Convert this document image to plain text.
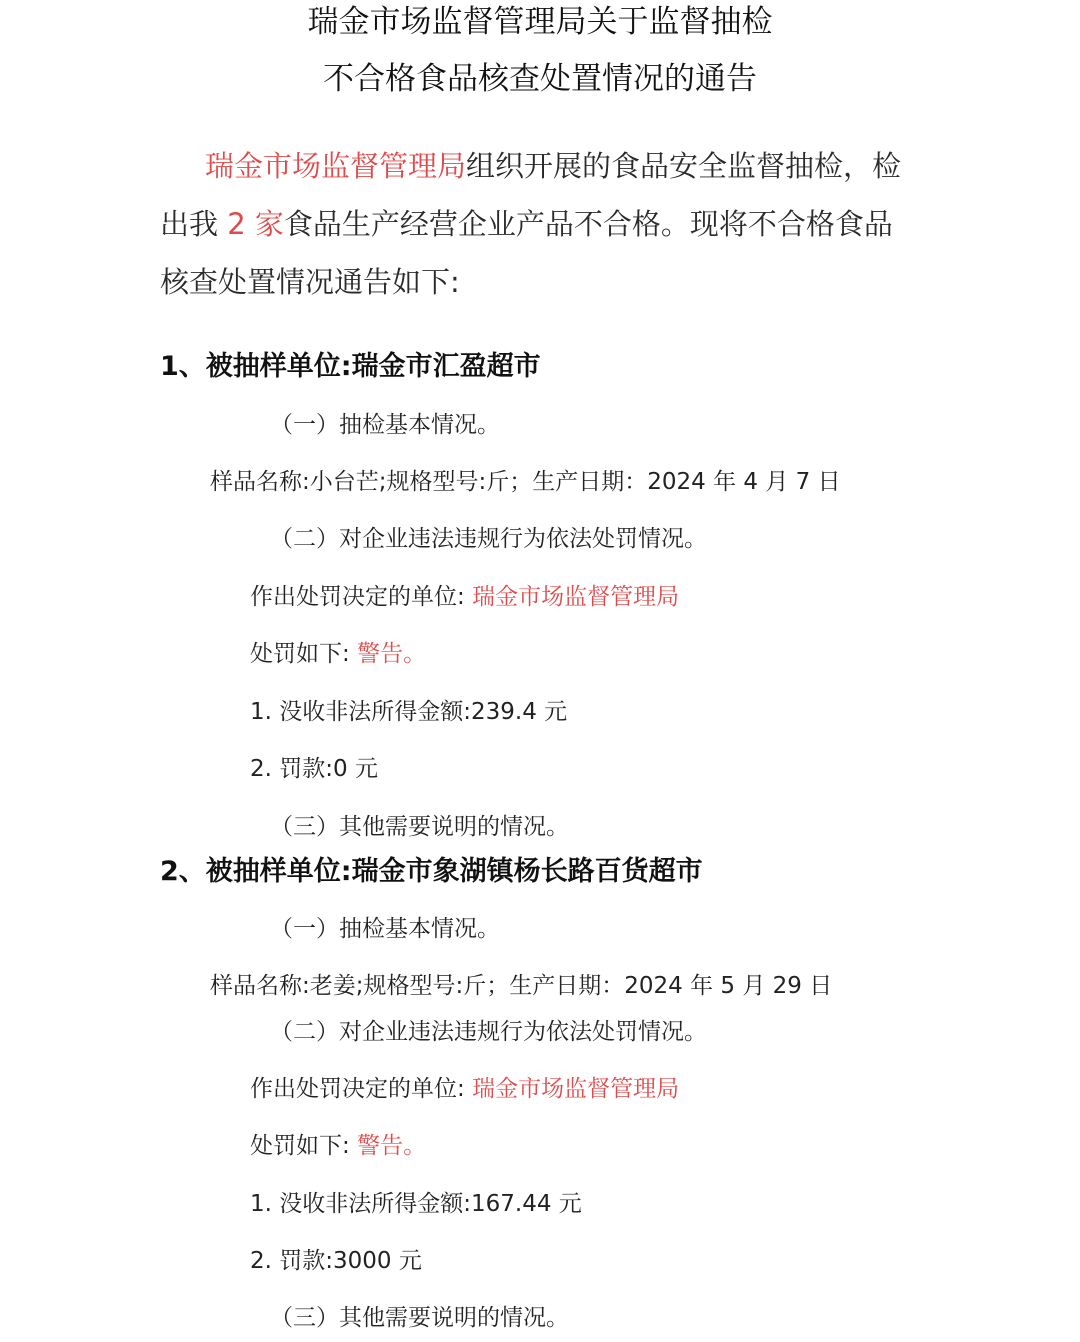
瑞金市场监督管理局关于监督抽检
不合格食品核查处置情况的通告
瑞金市场监督管理局组织开展的食品安全监督抽检，检
出我 2 家食品生产经营企业产品不合格。现将不合格食品
核查处置情况通告如下:
1、被抽样单位:瑞金市汇盈超市
（一）抽检基本情况。
样品名称:小台芒;规格型号:斤；生产日期：2024 年 4 月 7 日
（二）对企业违法违规行为依法处罚情况。
作出处罚决定的单位: 瑞金市场监督管理局
处罚如下: 警告。
1. 没收非法所得金额:239.4 元
2. 罚款:0 元
（三）其他需要说明的情况。
2、被抽样单位:瑞金市象湖镇杨长路百货超市
（一）抽检基本情况。
样品名称:老姜;规格型号:斤；生产日期：2024 年 5 月 29 日
（二）对企业违法违规行为依法处罚情况。
作出处罚决定的单位: 瑞金市场监督管理局
处罚如下: 警告。
1. 没收非法所得金额:167.44 元
2. 罚款:3000 元
（三）其他需要说明的情况。
